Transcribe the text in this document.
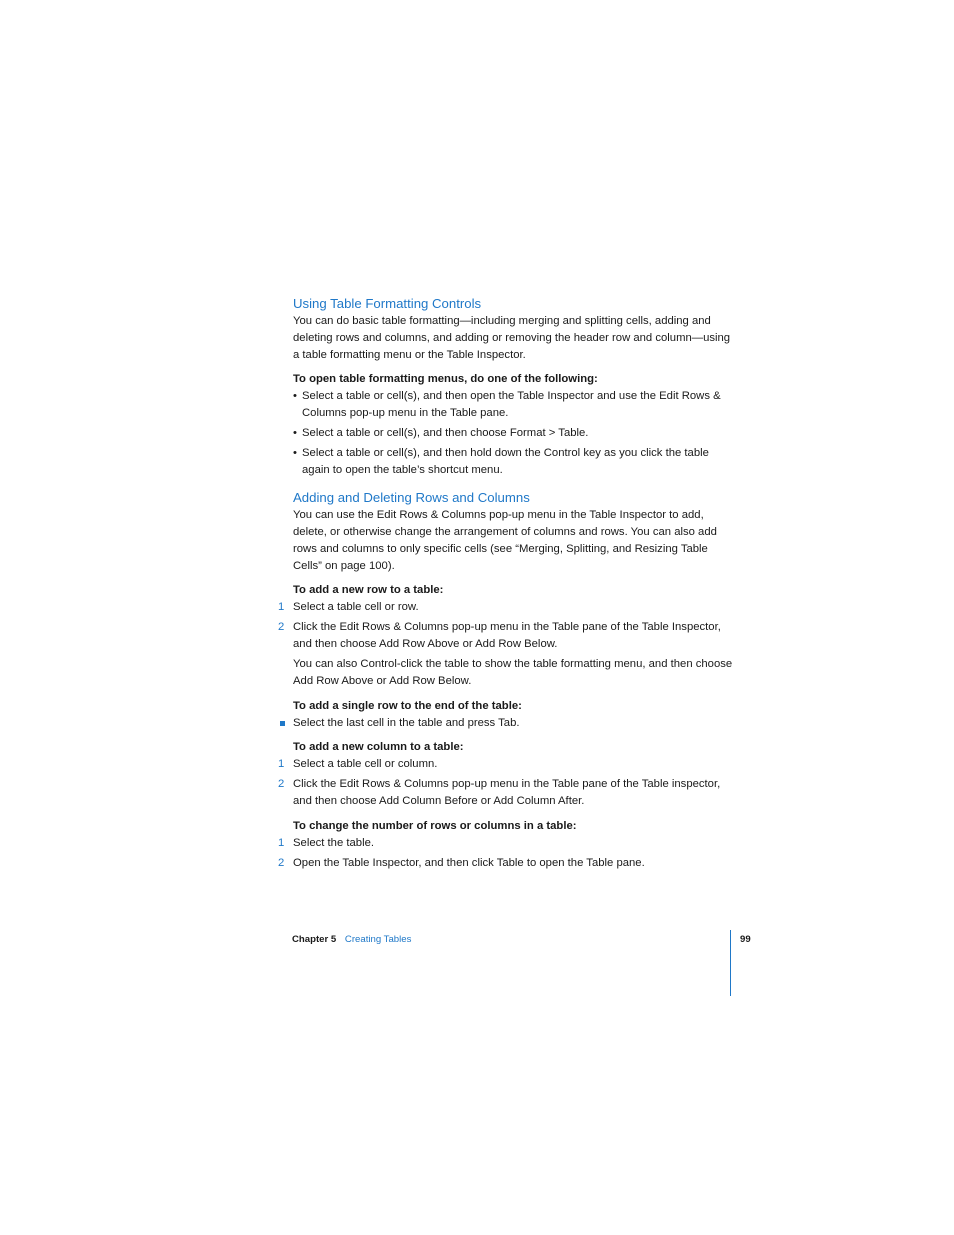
Using Table Formatting Controls

You can do basic table formatting—including merging and splitting cells, adding and deleting rows and columns, and adding or removing the header row and column—using a table formatting menu or the Table Inspector.

To open table formatting menus, do one of the following:

• Select a table or cell(s), and then open the Table Inspector and use the Edit Rows & Columns pop-up menu in the Table pane.
• Select a table or cell(s), and then choose Format > Table.
• Select a table or cell(s), and then hold down the Control key as you click the table again to open the table’s shortcut menu.
Adding and Deleting Rows and Columns

You can use the Edit Rows & Columns pop-up menu in the Table Inspector to add, delete, or otherwise change the arrangement of columns and rows. You can also add rows and columns to only specific cells (see “Merging, Splitting, and Resizing Table Cells” on page 100).

To add a new row to a table:

1 Select a table cell or row.
2 Click the Edit Rows & Columns pop-up menu in the Table pane of the Table Inspector, and then choose Add Row Above or Add Row Below.

You can also Control-click the table to show the table formatting menu, and then choose Add Row Above or Add Row Below.

To add a single row to the end of the table:

Select the last cell in the table and press Tab.

To add a new column to a table:

1 Select a table cell or column.
2 Click the Edit Rows & Columns pop-up menu in the Table pane of the Table inspector, and then choose Add Column Before or Add Column After.

To change the number of rows or columns in a table:

1 Select the table.
2 Open the Table Inspector, and then click Table to open the Table pane.
Chapter 5 Creating Tables	99
